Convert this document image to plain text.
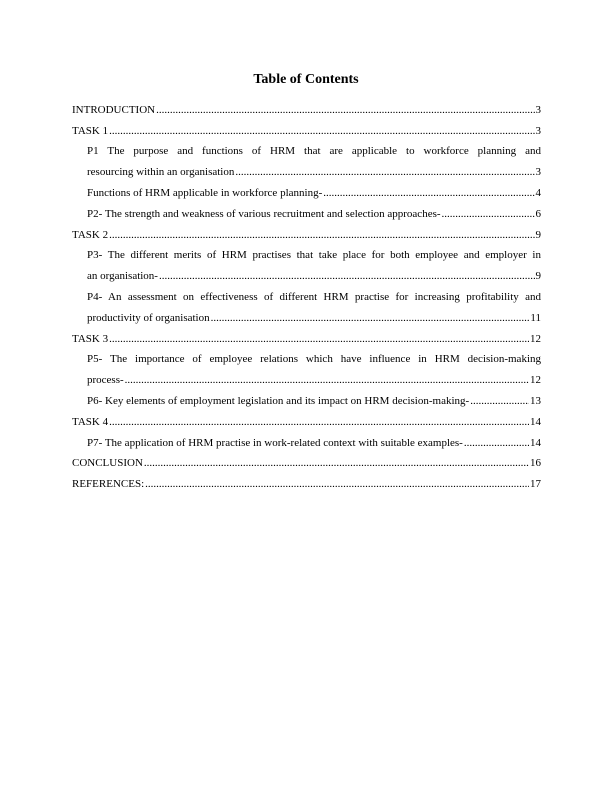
Table of Contents
INTRODUCTION .....	3
TASK 1 .....	3
P1 The purpose and functions of HRM that are applicable to workforce planning and
resourcing within an organisation .....	3
Functions of HRM applicable in workforce planning- .....	4
P2- The strength and weakness of various recruitment and selection approaches- .....	6
TASK 2 .....	9
P3- The different merits of HRM practises that take place for both employee and employer in
an organisation- .....	9
P4- An assessment on effectiveness of different HRM practise for increasing profitability and
productivity of organisation .....	11
TASK 3 .....	12
P5- The importance of employee relations which have influence in HRM decision-making
process- .....	12
P6- Key elements of employment legislation and its impact on HRM decision-making- .....	13
TASK 4 .....	14
P7- The application of HRM practise in work-related context with suitable examples- .....	14
CONCLUSION .....	16
REFERENCES: .....	17
